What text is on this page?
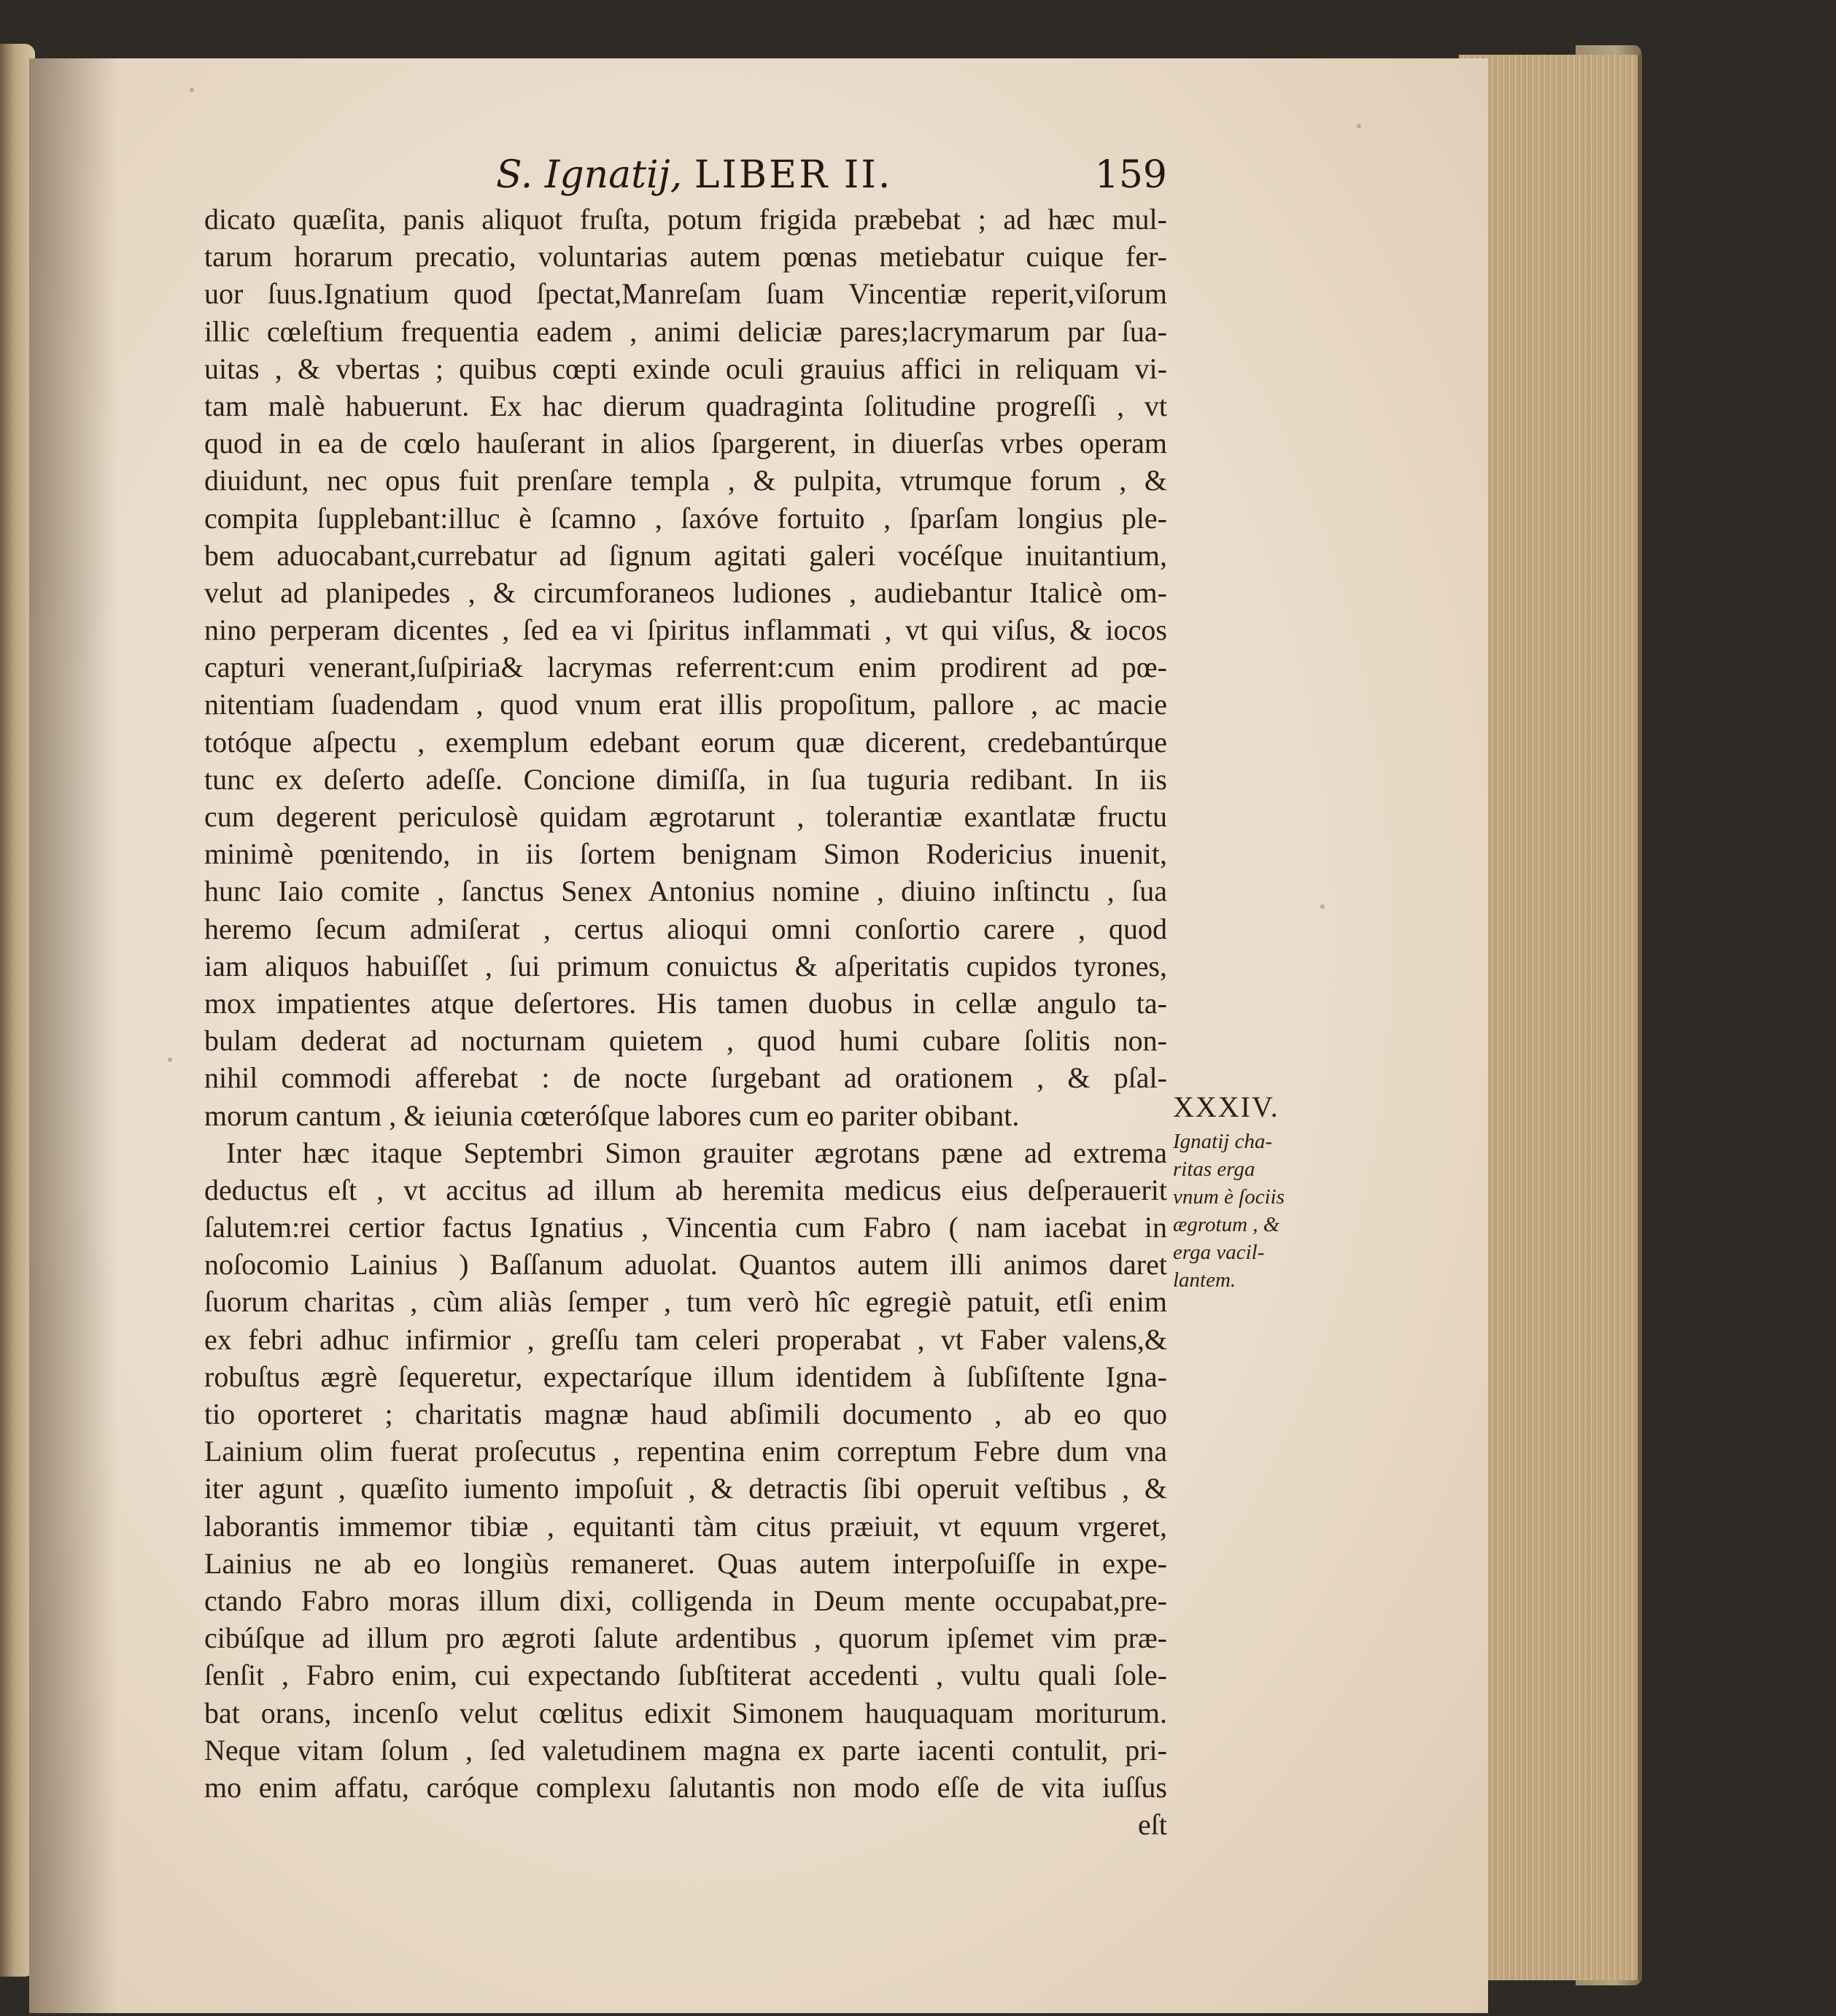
S. Ignatij, LIBER II.	159
dicato quæſita, panis aliquot fruſta, potum frigida præbebat ; ad hæc mul-
tarum horarum precatio, voluntarias autem pœnas metiebatur cuique fer-
uor ſuus.Ignatium quod ſpectat,Manreſam ſuam Vincentiæ reperit,viſorum
illic cœleſtium frequentia eadem , animi deliciæ pares;lacrymarum par ſua-
uitas , & vbertas ; quibus cœpti exinde oculi grauius affici in reliquam vi-
tam malè habuerunt. Ex hac dierum quadraginta ſolitudine progreſſi , vt
quod in ea de cœlo hauſerant in alios ſpargerent, in diuerſas vrbes operam
diuidunt, nec opus fuit prenſare templa , & pulpita, vtrumque forum , &
compita ſupplebant:illuc è ſcamno , ſaxóve fortuito , ſparſam longius ple-
bem aduocabant,currebatur ad ſignum agitati galeri vocéſque inuitantium,
velut ad planipedes , & circumforaneos ludiones , audiebantur Italicè om-
nino perperam dicentes , ſed ea vi ſpiritus inflammati , vt qui viſus, & iocos
capturi venerant,ſuſpiria& lacrymas referrent:cum enim prodirent ad pœ-
nitentiam ſuadendam , quod vnum erat illis propoſitum, pallore , ac macie
totóque aſpectu , exemplum edebant eorum quæ dicerent, credebantúrque
tunc ex deſerto adeſſe. Concione dimiſſa, in ſua tuguria redibant. In iis
cum degerent periculosè quidam ægrotarunt , tolerantiæ exantlatæ fructu
minimè pœnitendo, in iis ſortem benignam Simon Rodericius inuenit,
hunc Iaio comite , ſanctus Senex Antonius nomine , diuino inſtinctu , ſua
heremo ſecum admiſerat , certus alioqui omni conſortio carere , quod
iam aliquos habuiſſet , ſui primum conuictus & aſperitatis cupidos tyrones,
mox impatientes atque deſertores. His tamen duobus in cellæ angulo ta-
bulam dederat ad nocturnam quietem , quod humi cubare ſolitis non-
nihil commodi afferebat : de nocte ſurgebant ad orationem , & pſal-
morum cantum , & ieiunia cœteróſque labores cum eo pariter obibant.
Inter hæc itaque Septembri Simon grauiter ægrotans pæne ad extrema
deductus eſt , vt accitus ad illum ab heremita medicus eius deſperauerit
ſalutem:rei certior factus Ignatius , Vincentia cum Fabro ( nam iacebat in
noſocomio Lainius ) Baſſanum aduolat. Quantos autem illi animos daret
ſuorum charitas , cùm aliàs ſemper , tum verò hîc egregiè patuit, etſi enim
ex febri adhuc infirmior , greſſu tam celeri properabat , vt Faber valens,&
robuſtus ægrè ſequeretur, expectaríque illum identidem à ſubſiſtente Igna-
tio oporteret ; charitatis magnæ haud abſimili documento , ab eo quo
Lainium olim fuerat proſecutus , repentina enim correptum Febre dum vna
iter agunt , quæſito iumento impoſuit , & detractis ſibi operuit veſtibus , &
laborantis immemor tibiæ , equitanti tàm citus præiuit, vt equum vrgeret,
Lainius ne ab eo longiùs remaneret. Quas autem interpoſuiſſe in expe-
ctando Fabro moras illum dixi, colligenda in Deum mente occupabat,pre-
cibúſque ad illum pro ægroti ſalute ardentibus , quorum ipſemet vim præ-
ſenſit , Fabro enim, cui expectando ſubſtiterat accedenti , vultu quali ſole-
bat orans, incenſo velut cœlitus edixit Simonem hauquaquam moriturum.
Neque vitam ſolum , ſed valetudinem magna ex parte iacenti contulit, pri-
mo enim affatu, caróque complexu ſalutantis non modo eſſe de vita iuſſus
eſt
XXXIV.
Ignatij cha-
ritas erga
vnum è ſociis
ægrotum , &
erga vacil-
lantem.
